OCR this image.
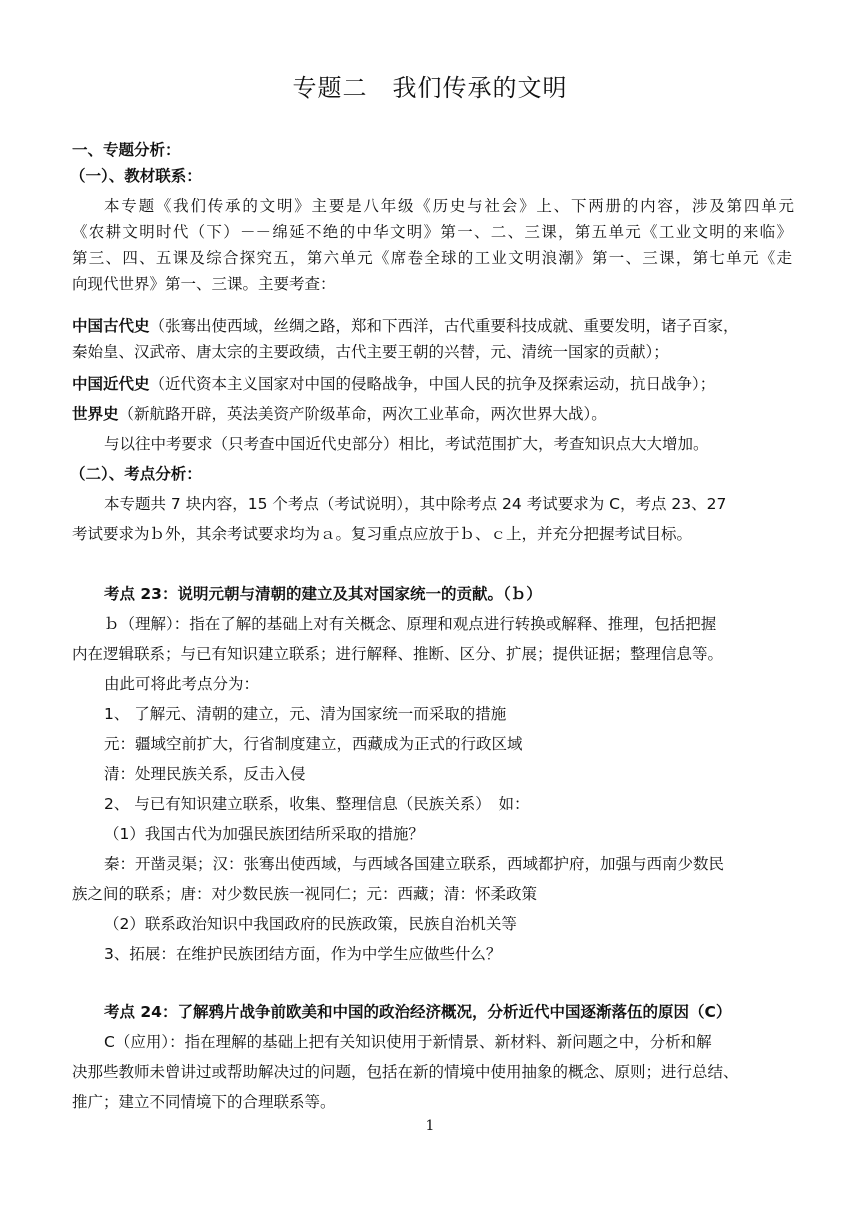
专题二　我们传承的文明
一、专题分析：
（一）、教材联系：
本专题《我们传承的文明》主要是八年级《历史与社会》上、下两册的内容，涉及第四单元
《农耕文明时代（下）－－绵延不绝的中华文明》第一、二、三课，第五单元《工业文明的来临》
第三、四、五课及综合探究五，第六单元《席卷全球的工业文明浪潮》第一、三课，第七单元《走
向现代世界》第一、三课。主要考查：
中国古代史（张骞出使西域，丝绸之路，郑和下西洋，古代重要科技成就、重要发明，诸子百家，
秦始皇、汉武帝、唐太宗的主要政绩，古代主要王朝的兴替，元、清统一国家的贡献）；
中国近代史（近代资本主义国家对中国的侵略战争，中国人民的抗争及探索运动，抗日战争）；
世界史（新航路开辟，英法美资产阶级革命，两次工业革命，两次世界大战）。
与以往中考要求（只考查中国近代史部分）相比，考试范围扩大，考查知识点大大增加。
（二）、考点分析：
本专题共 7 块内容，15 个考点（考试说明），其中除考点 24 考试要求为 C，考点 23、27
考试要求为ｂ外，其余考试要求均为ａ。复习重点应放于ｂ、ｃ上，并充分把握考试目标。
考点 23：说明元朝与清朝的建立及其对国家统一的贡献。（ｂ）
ｂ（理解）：指在了解的基础上对有关概念、原理和观点进行转换或解释、推理，包括把握
内在逻辑联系；与已有知识建立联系；进行解释、推断、区分、扩展；提供证据；整理信息等。
由此可将此考点分为：
1、 了解元、清朝的建立，元、清为国家统一而采取的措施
元：疆域空前扩大，行省制度建立，西藏成为正式的行政区域
清：处理民族关系，反击入侵
2、 与已有知识建立联系，收集、整理信息（民族关系）　如：
（1）我国古代为加强民族团结所采取的措施？
秦：开凿灵渠；汉：张骞出使西域，与西域各国建立联系，西域都护府，加强与西南少数民
族之间的联系；唐：对少数民族一视同仁；元：西藏；清：怀柔政策
（2）联系政治知识中我国政府的民族政策，民族自治机关等
3、拓展：在维护民族团结方面，作为中学生应做些什么？
考点 24：了解鸦片战争前欧美和中国的政治经济概况，分析近代中国逐渐落伍的原因（C）
C（应用）：指在理解的基础上把有关知识使用于新情景、新材料、新问题之中，分析和解
决那些教师未曾讲过或帮助解决过的问题，包括在新的情境中使用抽象的概念、原则；进行总结、
推广；建立不同情境下的合理联系等。
1
